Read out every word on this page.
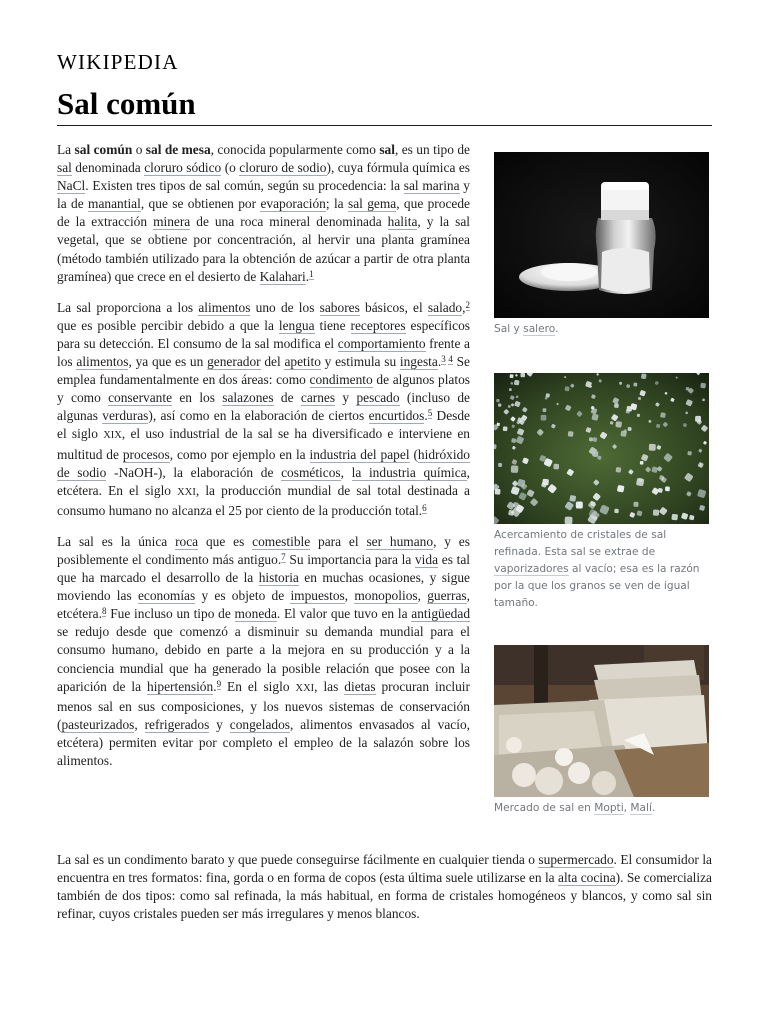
WIKIPEDIA
Sal común

La sal común o sal de mesa, conocida popularmente como sal, es un tipo de sal denominada cloruro sódico (o cloruro de sodio), cuya fórmula química es NaCl. Existen tres tipos de sal común, según su procedencia: la sal marina y la de manantial, que se obtienen por evaporación; la sal gema, que procede de la extracción minera de una roca mineral denominada halita, y la sal vegetal, que se obtiene por concentración, al hervir una planta gramínea (método también utilizado para la obtención de azúcar a partir de otra planta gramínea) que crece en el desierto de Kalahari.$^1$

La sal proporciona a los alimentos uno de los sabores básicos, el salado,$^2$ que es posible percibir debido a que la lengua tiene receptores específicos para su detección. El consumo de la sal modifica el comportamiento frente a los alimentos, ya que es un generador del apetito y estimula su ingesta.$^3$ $^4$ Se emplea fundamentalmente en dos áreas: como condimento de algunos platos y como conservante en los salazones de carnes y pescado (incluso de algunas verduras), así como en la elaboración de ciertos encurtidos.$^5$ Desde el siglo XIX, el uso industrial de la sal se ha diversificado e interviene en multitud de procesos, como por ejemplo en la industria del papel (hidróxido de sodio -NaOH-), la elaboración de cosméticos, la industria química, etcétera. En el siglo XXI, la producción mundial de sal total destinada a consumo humano no alcanza el 25 por ciento de la producción total.$^6$

La sal es la única roca que es comestible para el ser humano, y es posiblemente el condimento más antiguo.$^7$ Su importancia para la vida es tal que ha marcado el desarrollo de la historia en muchas ocasiones, y sigue moviendo las economías y es objeto de impuestos, monopolios, guerras, etcétera.$^8$ Fue incluso un tipo de moneda. El valor que tuvo en la antigüedad se redujo desde que comenzó a disminuir su demanda mundial para el consumo humano, debido en parte a la mejora en su producción y a la conciencia mundial que ha generado la posible relación que posee con la aparición de la hipertensión.$^9$ En el siglo XXI, las dietas procuran incluir menos sal en sus composiciones, y los nuevos sistemas de conservación (pasteurizados, refrigerados y congelados, alimentos envasados al vacío, etcétera) permiten evitar por completo el empleo de la salazón sobre los alimentos.

La sal es un condimento barato y que puede conseguirse fácilmente en cualquier tienda o supermercado. El consumidor la encuentra en tres formatos: fina, gorda o en forma de copos (esta última suele utilizarse en la alta cocina). Se comercializa también de dos tipos: como sal refinada, la más habitual, en forma de cristales homogéneos y blancos, y como sal sin refinar, cuyos cristales pueden ser más irregulares y menos blancos.

Sal y salero.
Acercamiento de cristales de sal refinada. Esta sal se extrae de vaporizadores al vacío; esa es la razón por la que los granos se ven de igual tamaño.
Mercado de sal en Mopti, Malí.
